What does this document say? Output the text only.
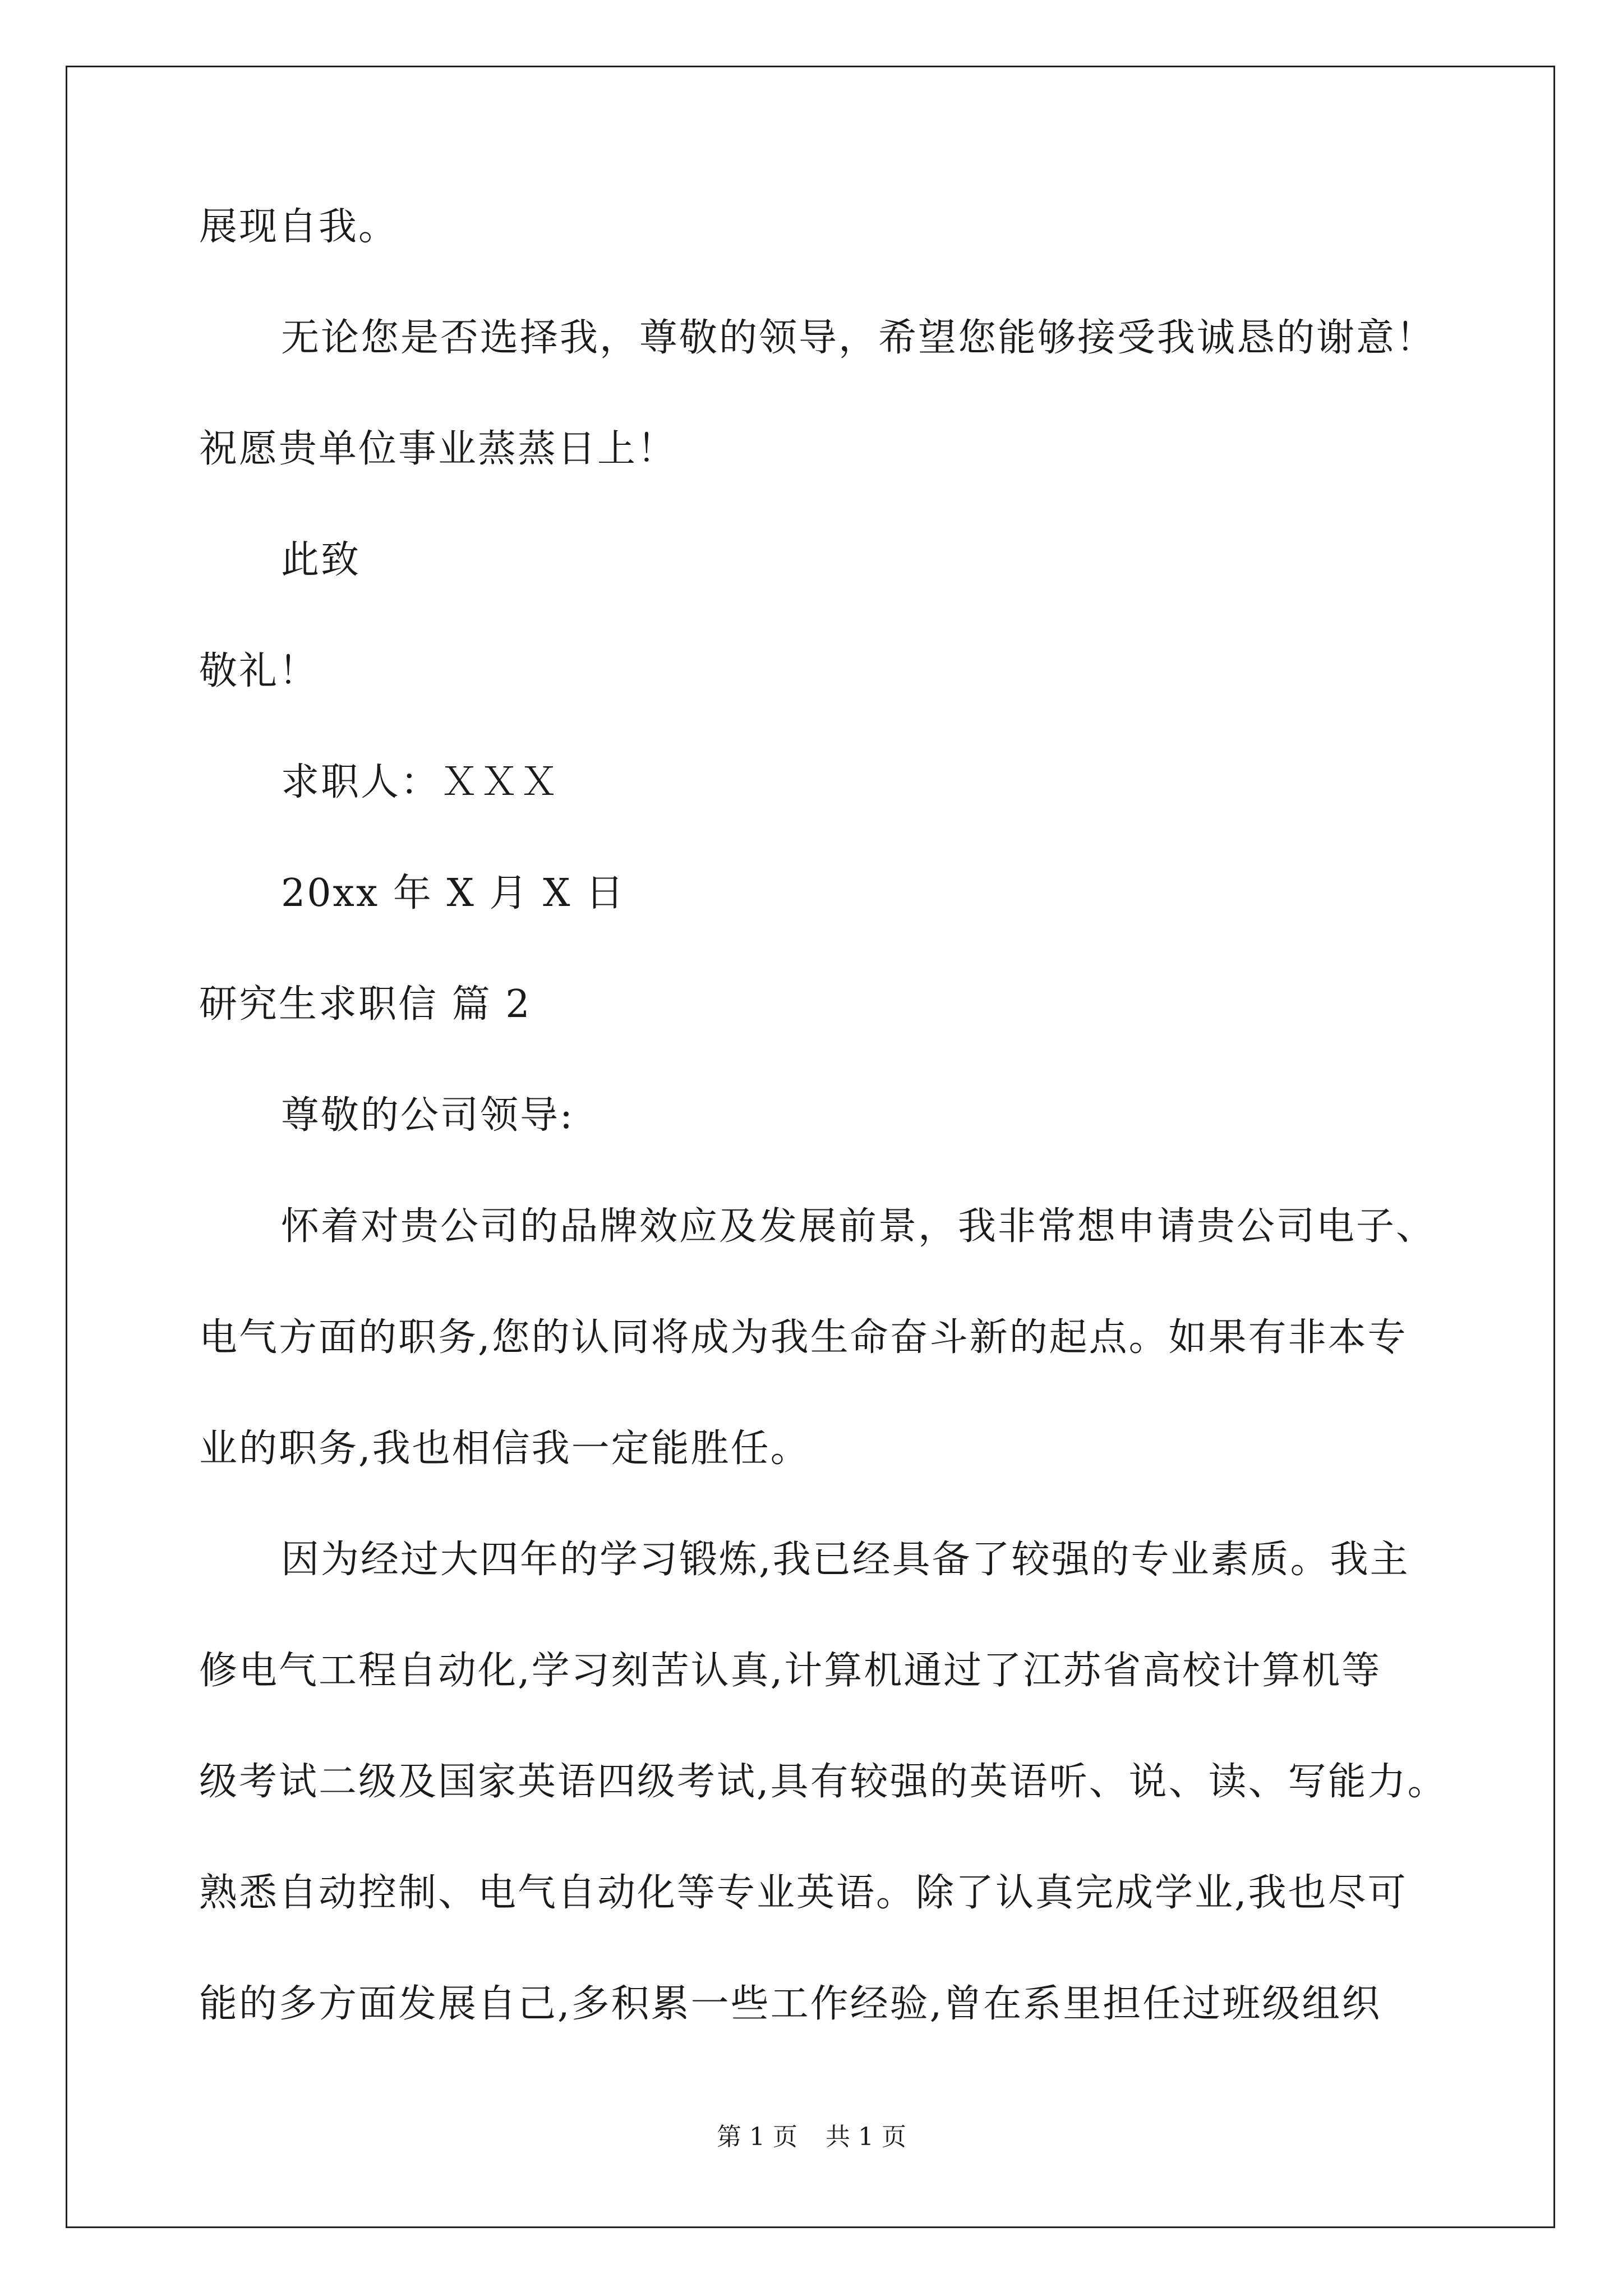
展现自我。
无论您是否选择我，尊敬的领导，希望您能够接受我诚恳的谢意！
祝愿贵单位事业蒸蒸日上！
此致
敬礼！
求职人：ＸＸＸ
20xx 年 X 月 X 日
研究生求职信 篇 2
尊敬的公司领导:
怀着对贵公司的品牌效应及发展前景，我非常想申请贵公司电子、
电气方面的职务,您的认同将成为我生命奋斗新的起点。如果有非本专
业的职务,我也相信我一定能胜任。
因为经过大四年的学习锻炼,我已经具备了较强的专业素质。我主
修电气工程自动化,学习刻苦认真,计算机通过了江苏省高校计算机等
级考试二级及国家英语四级考试,具有较强的英语听、说、读、写能力。
熟悉自动控制、电气自动化等专业英语。除了认真完成学业,我也尽可
能的多方面发展自己,多积累一些工作经验,曾在系里担任过班级组织
第 1 页 共 1 页
